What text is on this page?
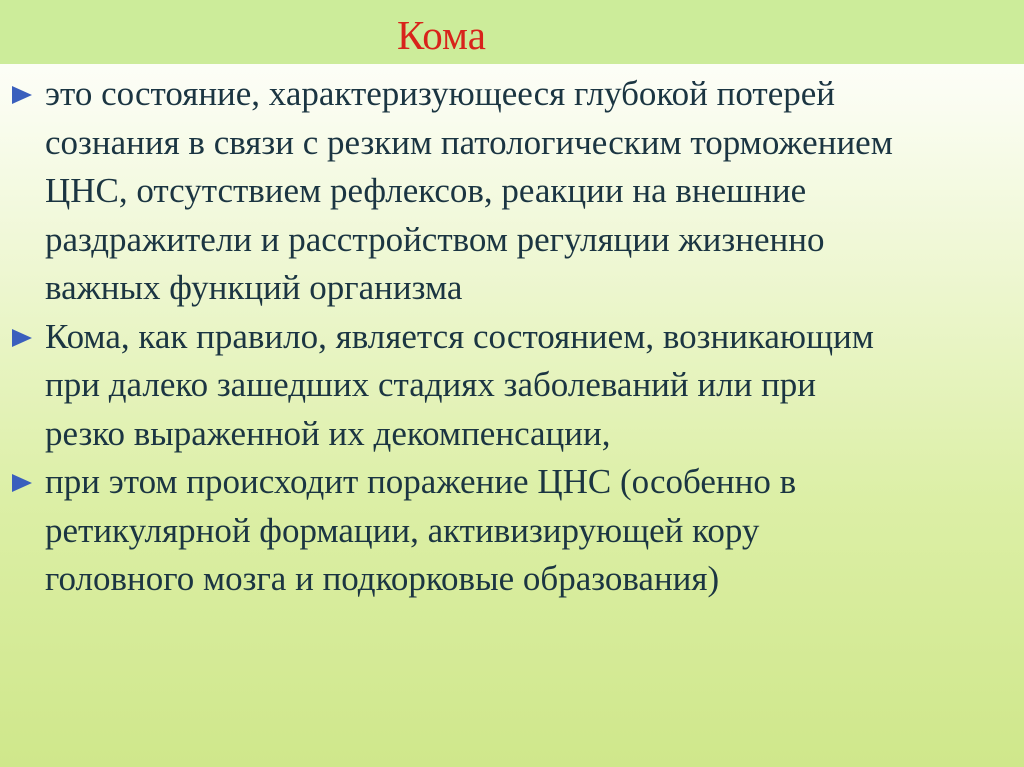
Кома
это состояние, характеризующееся глубокой потерей
сознания в связи с резким патологическим торможением
ЦНС, отсутствием рефлексов, реакции на внешние
раздражители и расстройством регуляции жизненно
важных функций организма
Кома, как правило, является состоянием, возникающим
при далеко зашедших стадиях заболеваний или при
резко выраженной их декомпенсации,
при этом происходит поражение ЦНС (особенно в
ретикулярной формации, активизирующей кору
головного мозга и подкорковые образования)
